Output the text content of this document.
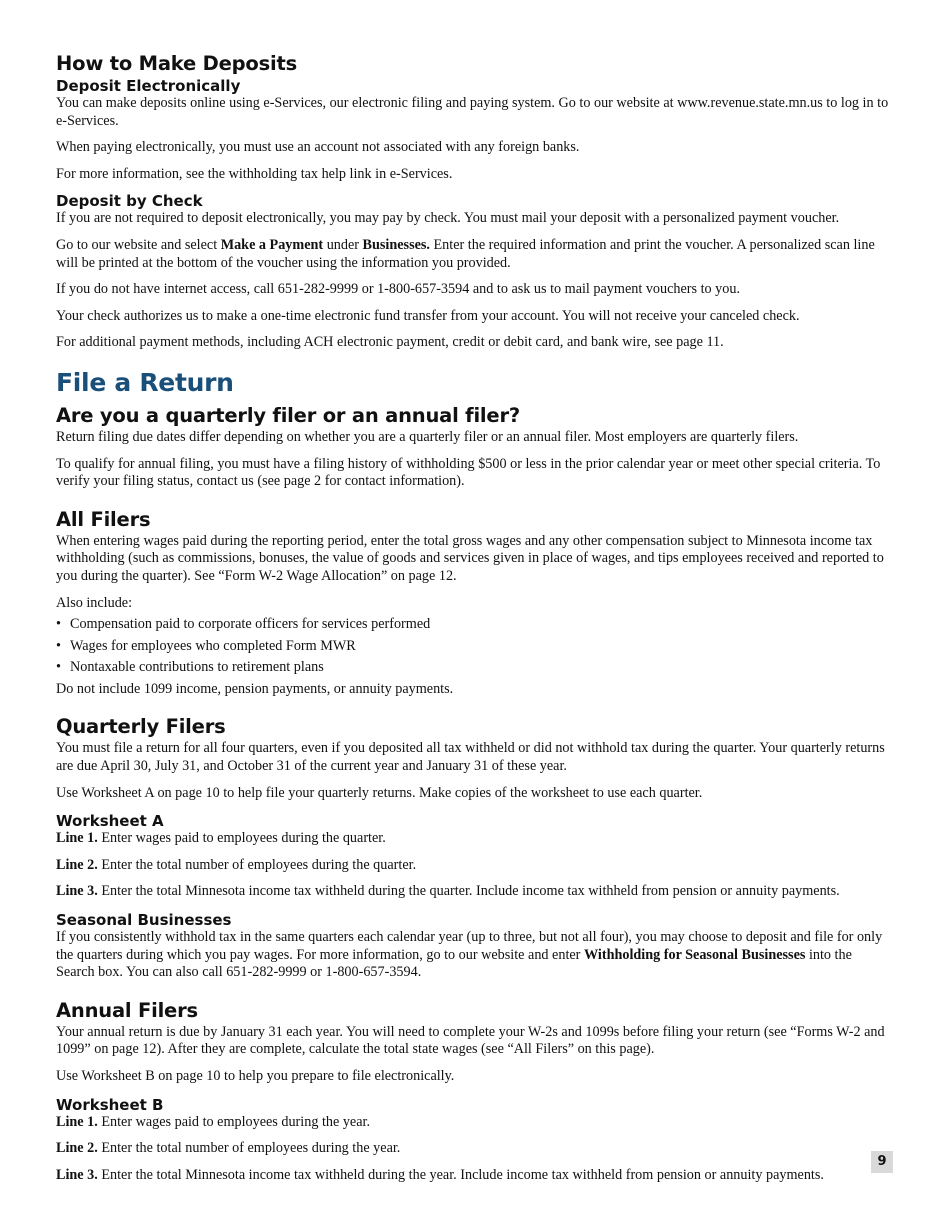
How to Make Deposits
Deposit Electronically

You can make deposits online using e-Services, our electronic filing and paying system. Go to our website at www.revenue.state.mn.us to log in to e-Services.

When paying electronically, you must use an account not associated with any foreign banks.

For more information, see the withholding tax help link in e-Services.

Deposit by Check

If you are not required to deposit electronically, you may pay by check. You must mail your deposit with a personalized payment voucher.

Go to our website and select Make a Payment under Businesses. Enter the required information and print the voucher. A personalized scan line will be printed at the bottom of the voucher using the information you provided.

If you do not have internet access, call 651-282-9999 or 1-800-657-3594 and to ask us to mail payment vouchers to you.

Your check authorizes us to make a one-time electronic fund transfer from your account. You will not receive your canceled check.

For additional payment methods, including ACH electronic payment, credit or debit card, and bank wire, see page 11.

File a Return
Are you a quarterly filer or an annual filer?

Return filing due dates differ depending on whether you are a quarterly filer or an annual filer. Most employers are quarterly filers.

To qualify for annual filing, you must have a filing history of withholding $500 or less in the prior calendar year or meet other special criteria. To verify your filing status, contact us (see page 2 for contact information).

All Filers

When entering wages paid during the reporting period, enter the total gross wages and any other compensation subject to Minnesota income tax withholding (such as commissions, bonuses, the value of goods and services given in place of wages, and tips employees received and reported to you during the quarter). See “Form W-2 Wage Allocation” on page 12.

Also include:

• Compensation paid to corporate officers for services performed
• Wages for employees who completed Form MWR
• Nontaxable contributions to retirement plans

Do not include 1099 income, pension payments, or annuity payments.

Quarterly Filers

You must file a return for all four quarters, even if you deposited all tax withheld or did not withhold tax during the quarter. Your quarterly returns are due April 30, July 31, and October 31 of the current year and January 31 of these year.

Use Worksheet A on page 10 to help file your quarterly returns. Make copies of the worksheet to use each quarter.

Worksheet A

Line 1. Enter wages paid to employees during the quarter.

Line 2. Enter the total number of employees during the quarter.

Line 3. Enter the total Minnesota income tax withheld during the quarter. Include income tax withheld from pension or annuity payments.

Seasonal Businesses

If you consistently withhold tax in the same quarters each calendar year (up to three, but not all four), you may choose to deposit and file for only the quarters during which you pay wages. For more information, go to our website and enter Withholding for Seasonal Businesses into the Search box. You can also call 651-282-9999 or 1-800-657-3594.

Annual Filers

Your annual return is due by January 31 each year. You will need to complete your W-2s and 1099s before filing your return (see “Forms W-2 and 1099” on page 12). After they are complete, calculate the total state wages (see “All Filers” on this page).

Use Worksheet B on page 10 to help you prepare to file electronically.

Worksheet B

Line 1. Enter wages paid to employees during the year.

Line 2. Enter the total number of employees during the year.

Line 3. Enter the total Minnesota income tax withheld during the year. Include income tax withheld from pension or annuity payments.

9
